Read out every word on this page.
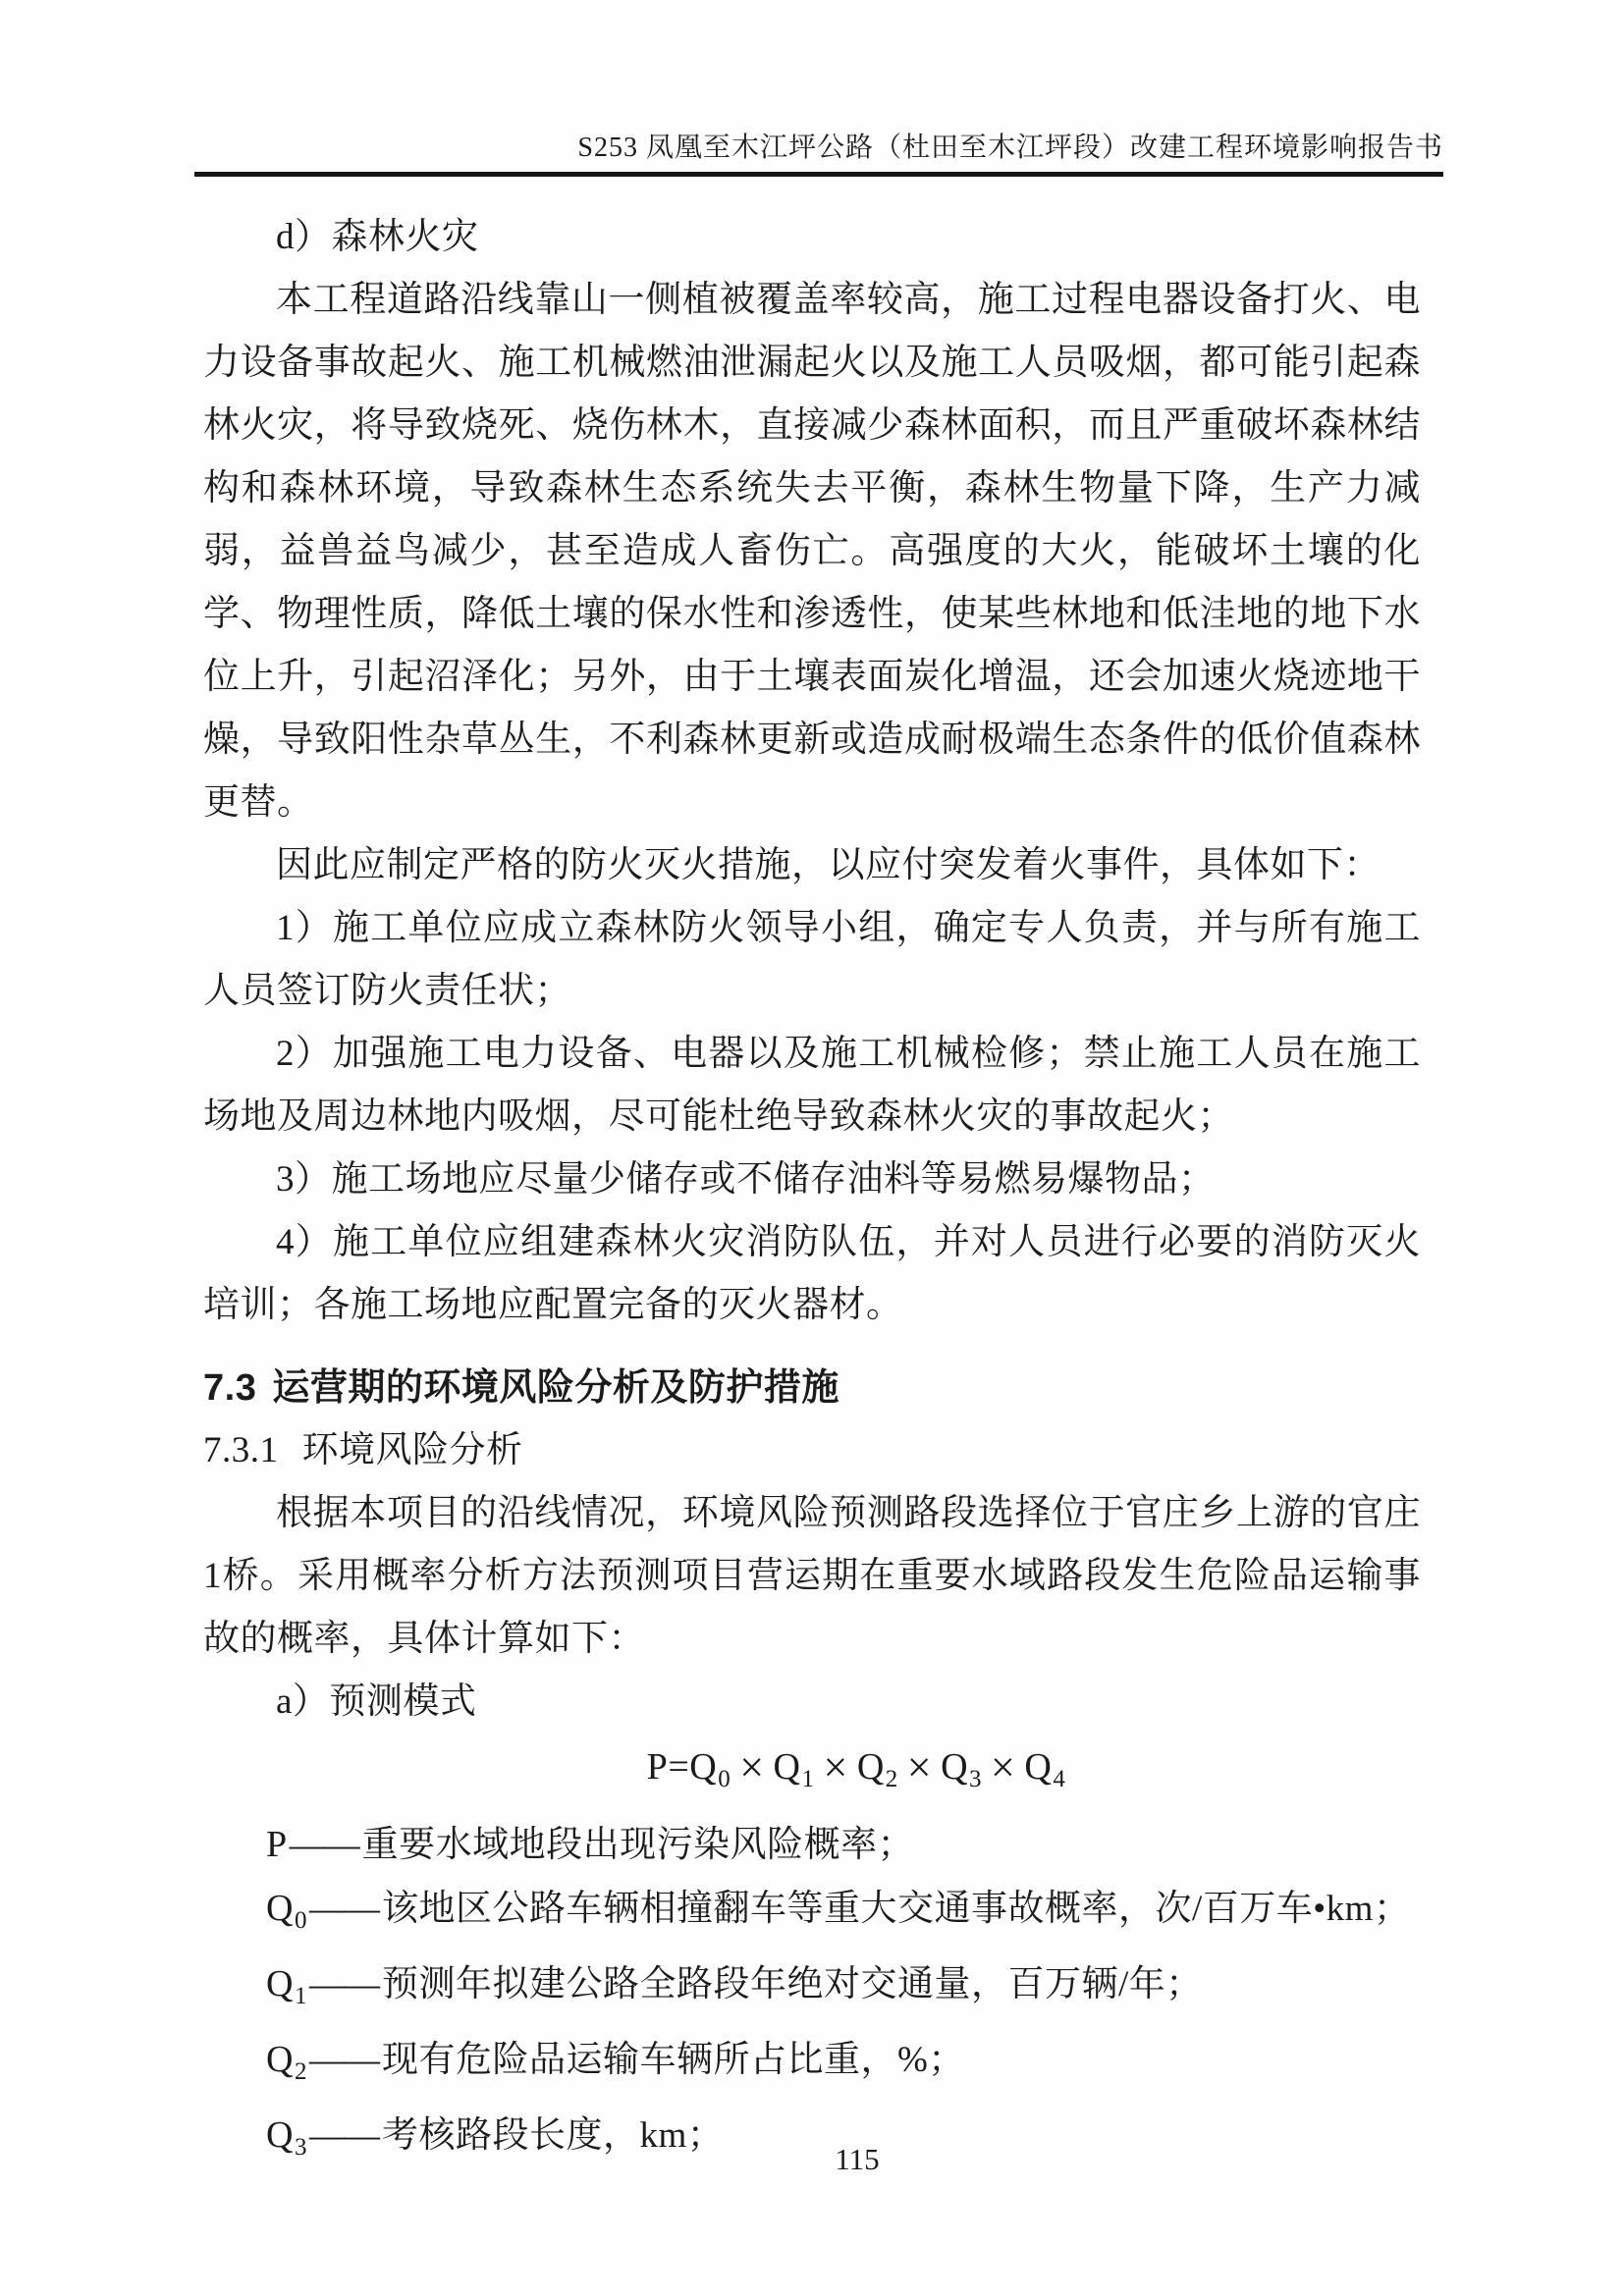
S253 凤凰至木江坪公路（杜田至木江坪段）改建工程环境影响报告书

d）森林火灾

本工程道路沿线靠山一侧植被覆盖率较高，施工过程电器设备打火、电力设备事故起火、施工机械燃油泄漏起火以及施工人员吸烟，都可能引起森林火灾，将导致烧死、烧伤林木，直接减少森林面积，而且严重破坏森林结构和森林环境，导致森林生态系统失去平衡，森林生物量下降，生产力减弱，益兽益鸟减少，甚至造成人畜伤亡。高强度的大火，能破坏土壤的化学、物理性质，降低土壤的保水性和渗透性，使某些林地和低洼地的地下水位上升，引起沼泽化；另外，由于土壤表面炭化增温，还会加速火烧迹地干燥，导致阳性杂草丛生，不利森林更新或造成耐极端生态条件的低价值森林更替。

因此应制定严格的防火灭火措施，以应付突发着火事件，具体如下：

1）施工单位应成立森林防火领导小组，确定专人负责，并与所有施工人员签订防火责任状；

2）加强施工电力设备、电器以及施工机械检修；禁止施工人员在施工场地及周边林地内吸烟，尽可能杜绝导致森林火灾的事故起火；

3）施工场地应尽量少储存或不储存油料等易燃易爆物品；

4）施工单位应组建森林火灾消防队伍，并对人员进行必要的消防灭火培训；各施工场地应配置完备的灭火器材。

7.3 运营期的环境风险分析及防护措施
7.3.1 环境风险分析

根据本项目的沿线情况，环境风险预测路段选择位于官庄乡上游的官庄1桥。采用概率分析方法预测项目营运期在重要水域路段发生危险品运输事故的概率，具体计算如下：

a）预测模式

$P=Q_0 \times Q_1 \times Q_2 \times Q_3 \times Q_4$

P—— 重要水域地段出现污染风险概率；

$Q_0——$ 该地区公路车辆相撞翻车等重大交通事故概率，次/百万车•km；

$Q_1——$ 预测年拟建公路全路段年绝对交通量，百万辆/年；

$Q_2——$ 现有危险品运输车辆所占比重，%；

$Q_3——$ 考核路段长度，km；

115
